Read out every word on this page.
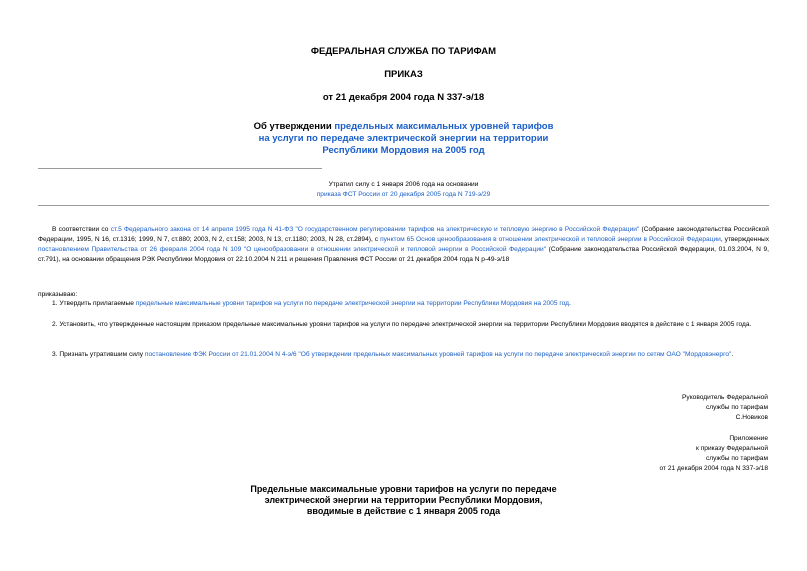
ФЕДЕРАЛЬНАЯ СЛУЖБА ПО ТАРИФАМ
ПРИКАЗ
от 21 декабря 2004 года N 337-э/18
Об утверждении предельных максимальных уровней тарифов
на услуги по передаче электрической энергии на территории
Республики Мордовия на 2005 год
Утратил силу с 1 января 2006 года на основании
приказа ФСТ России от 20 декабря 2005 года N 719-э/29
В соответствии со ст.5 Федерального закона от 14 апреля 1995 года N 41-ФЗ "О государственном регулировании тарифов на электрическую и тепловую энергию в Российской Федерации" (Собрание законодательства Российской Федерации, 1995, N 16, ст.1316; 1999, N 7, ст.880; 2003, N 2, ст.158; 2003, N 13, ст.1180; 2003, N 28, ст.2894), с пунктом 65 Основ ценообразования в отношении электрической и тепловой энергии в Российской Федерации, утвержденных постановлением Правительства от 26 февраля 2004 года N 109 "О ценообразовании в отношении электрической и тепловой энергии в Российской Федерации" (Собрание законодательства Российской Федерации, 01.03.2004, N 9, ст.791), на основании обращения РЭК Республики Мордовия от 22.10.2004 N 211 и решения Правления ФСТ России от 21 декабря 2004 года N р-49-э/18
приказываю:
1. Утвердить прилагаемые предельные максимальные уровни тарифов на услуги по передаче электрической энергии на территории Республики Мордовия на 2005 год.
2. Установить, что утвержденные настоящим приказом предельные максимальные уровни тарифов на услуги по передаче электрической энергии на территории Республики Мордовия вводятся в действие с 1 января 2005 года.
3. Признать утратившим силу постановление ФЭК России от 21.01.2004 N 4-э/6 "Об утверждении предельных максимальных уровней тарифов на услуги по передаче электрической энергии по сетям ОАО "Мордовэнерго".
Руководитель Федеральной
службы по тарифам
С.Новиков
Приложение
к приказу Федеральной
службы по тарифам
от 21 декабря 2004 года N 337-э/18
Предельные максимальные уровни тарифов на услуги по передаче
электрической энергии на территории Республики Мордовия,
вводимые в действие с 1 января 2005 года
